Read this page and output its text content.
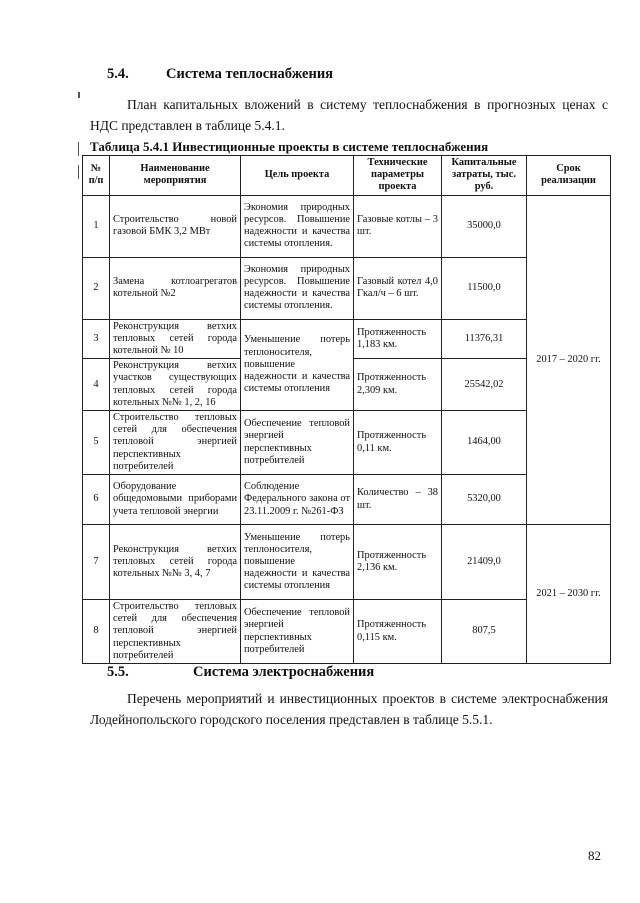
5.4.	Система теплоснабжения
План капитальных вложений в систему теплоснабжения в прогнозных ценах с НДС представлен в таблице 5.4.1.
Таблица 5.4.1 Инвестиционные проекты в системе теплоснабжения
№ п/п	Наименование мероприятия	Цель проекта	Технические параметры проекта	Капитальные затраты, тыс. руб.	Срок реализации
1	Строительство новой газовой БМК 3,2 МВт	Экономия природных ресурсов. Повышение надежности и качества системы отопления.	Газовые котлы – 3 шт.	35000,0	2017 – 2020 гг.
2	Замена котлоагрегатов котельной №2	Экономия природных ресурсов. Повышение надежности и качества системы отопления.	Газовый котел 4,0 Гкал/ч – 6 шт.	11500,0	
3	Реконструкция ветхих тепловых сетей города котельной № 10	Уменьшение потерь теплоносителя, повышение надежности и качества системы отопления	Протяженность 1,183 км.	11376,31	
4	Реконструкция ветхих участков существующих тепловых сетей города котельных №№ 1, 2, 16		Протяженность 2,309 км.	25542,02	
5	Строительство тепловых сетей для обеспечения тепловой энергией перспективных потребителей	Обеспечение тепловой энергией перспективных потребителей	Протяженность 0,11 км.	1464,00	
6	Оборудование общедомовыми приборами учета тепловой энергии	Соблюдение Федерального закона от 23.11.2009 г. №261-ФЗ	Количество – 38 шт.	5320,00	
7	Реконструкция ветхих тепловых сетей города котельных №№ 3, 4, 7	Уменьшение потерь теплоносителя, повышение надежности и качества системы отопления	Протяженность 2,136 км.	21409,0	2021 – 2030 гг.
8	Строительство тепловых сетей для обеспечения тепловой энергией перспективных потребителей	Обеспечение тепловой энергией перспективных потребителей	Протяженность 0,115 км.	807,5	
5.5.	Система электроснабжения
Перечень мероприятий и инвестиционных проектов в системе электроснабжения Лодейнопольского городского поселения представлен в таблице 5.5.1.
82
